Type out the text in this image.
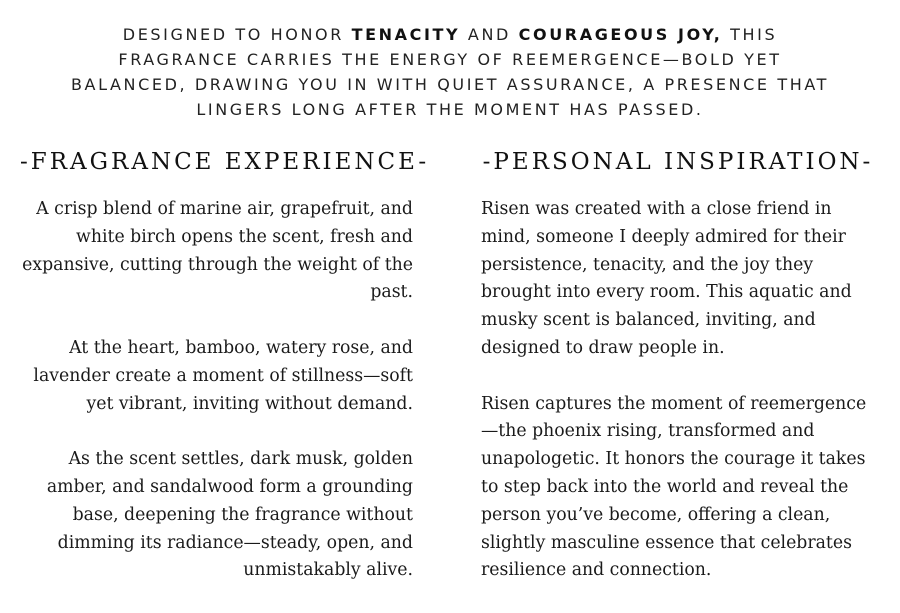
DESIGNED TO HONOR TENACITY AND COURAGEOUS JOY, THIS FRAGRANCE CARRIES THE ENERGY OF REEMERGENCE—BOLD YET BALANCED, DRAWING YOU IN WITH QUIET ASSURANCE, A PRESENCE THAT LINGERS LONG AFTER THE MOMENT HAS PASSED.
-FRAGRANCE EXPERIENCE- -PERSONAL INSPIRATION-

A crisp blend of marine air, grapefruit, and white birch opens the scent, fresh and expansive, cutting through the weight of the past.

At the heart, bamboo, watery rose, and lavender create a moment of stillness—soft yet vibrant, inviting without demand.

As the scent settles, dark musk, golden amber, and sandalwood form a grounding base, deepening the fragrance without dimming its radiance—steady, open, and unmistakably alive.

Risen was created with a close friend in mind, someone I deeply admired for their persistence, tenacity, and the joy they brought into every room. This aquatic and musky scent is balanced, inviting, and designed to draw people in.

Risen captures the moment of reemergence—the phoenix rising, transformed and unapologetic. It honors the courage it takes to step back into the world and reveal the person you’ve become, offering a clean, slightly masculine essence that celebrates resilience and connection.
